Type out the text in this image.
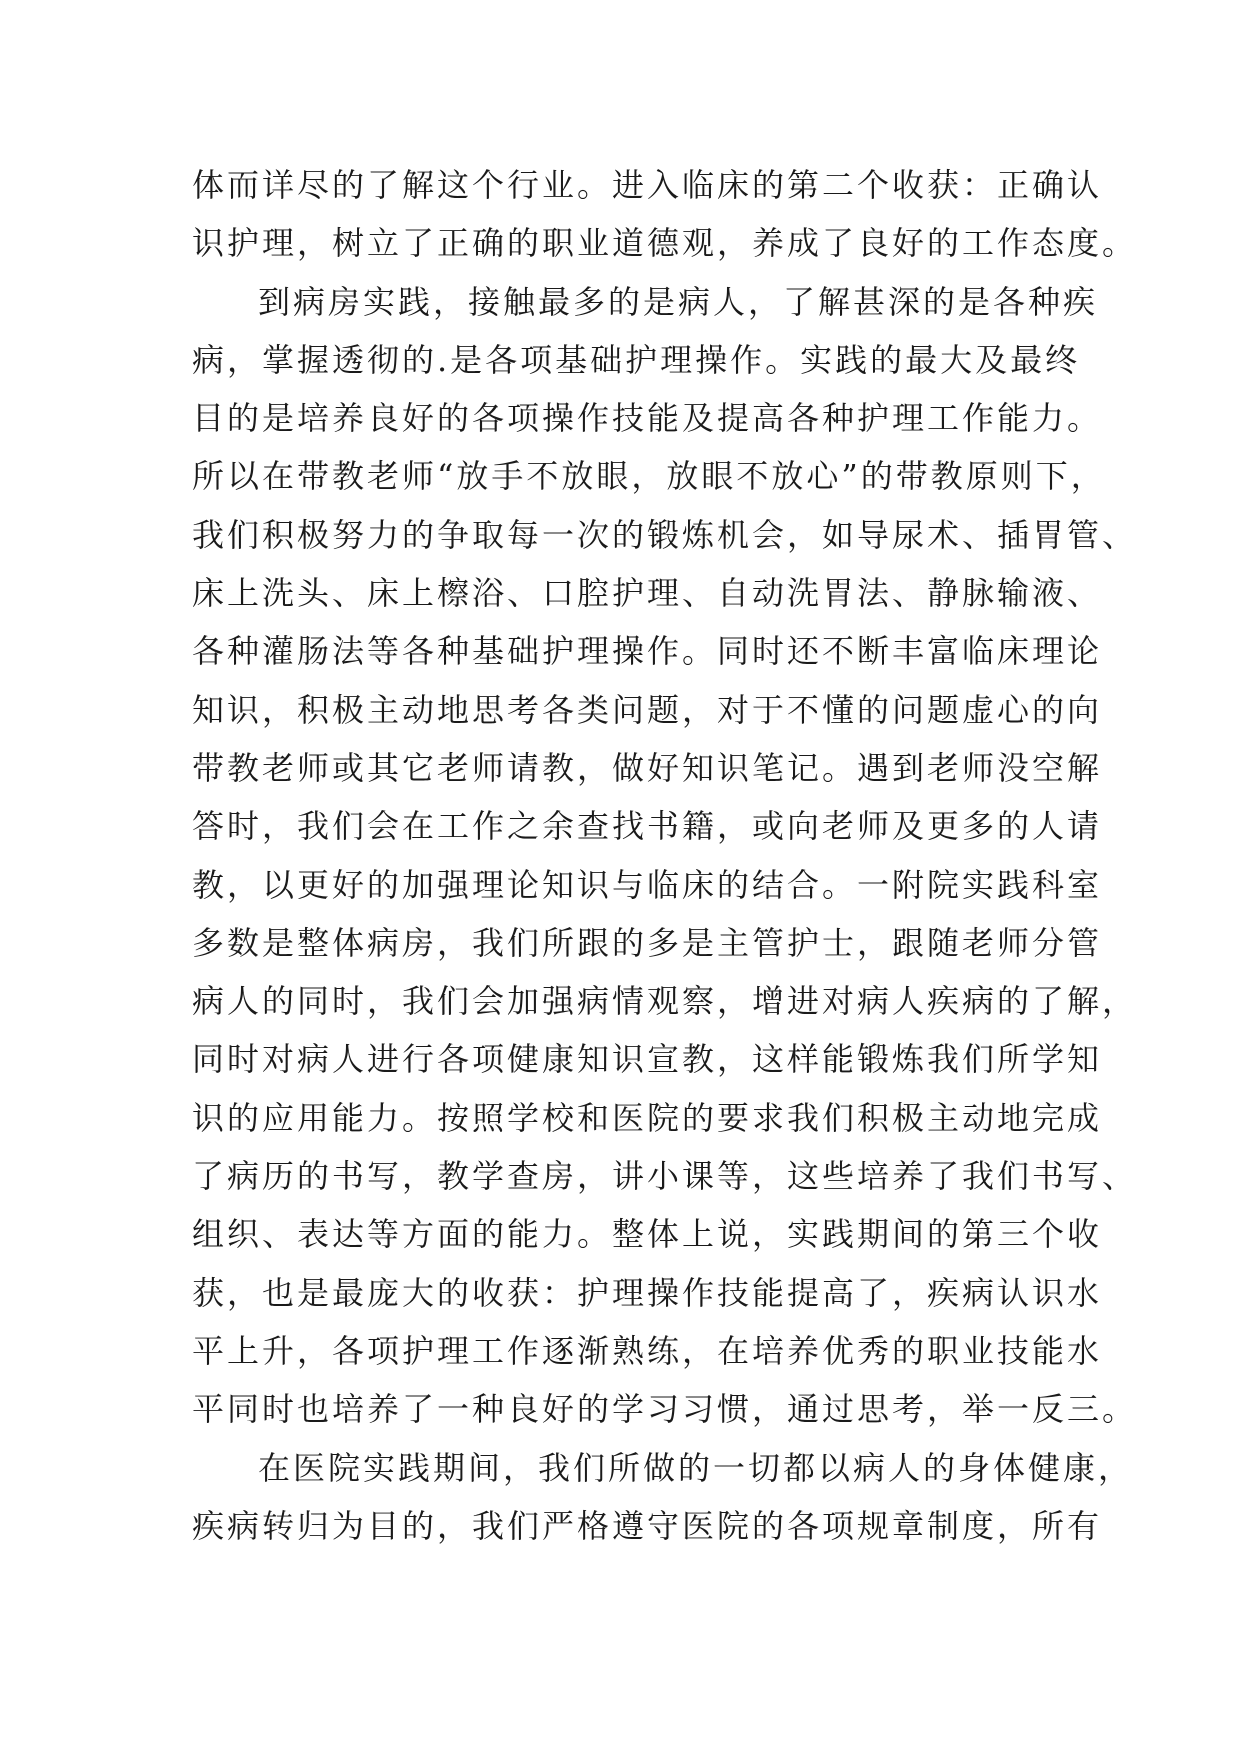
体而详尽的了解这个行业。进入临床的第二个收获：正确认
识护理，树立了正确的职业道德观，养成了良好的工作态度。
到病房实践，接触最多的是病人，了解甚深的是各种疾
病，掌握透彻的.是各项基础护理操作。实践的最大及最终
目的是培养良好的各项操作技能及提高各种护理工作能力。
所以在带教老师“放手不放眼，放眼不放心”的带教原则下，
我们积极努力的争取每一次的锻炼机会，如导尿术、插胃管、
床上洗头、床上檫浴、口腔护理、自动洗胃法、静脉输液、
各种灌肠法等各种基础护理操作。同时还不断丰富临床理论
知识，积极主动地思考各类问题，对于不懂的问题虚心的向
带教老师或其它老师请教，做好知识笔记。遇到老师没空解
答时，我们会在工作之余查找书籍，或向老师及更多的人请
教，以更好的加强理论知识与临床的结合。一附院实践科室
多数是整体病房，我们所跟的多是主管护士，跟随老师分管
病人的同时，我们会加强病情观察，增进对病人疾病的了解，
同时对病人进行各项健康知识宣教，这样能锻炼我们所学知
识的应用能力。按照学校和医院的要求我们积极主动地完成
了病历的书写，教学查房，讲小课等，这些培养了我们书写、
组织、表达等方面的能力。整体上说，实践期间的第三个收
获，也是最庞大的收获：护理操作技能提高了，疾病认识水
平上升，各项护理工作逐渐熟练，在培养优秀的职业技能水
平同时也培养了一种良好的学习习惯，通过思考，举一反三。
在医院实践期间，我们所做的一切都以病人的身体健康，
疾病转归为目的，我们严格遵守医院的各项规章制度，所有
